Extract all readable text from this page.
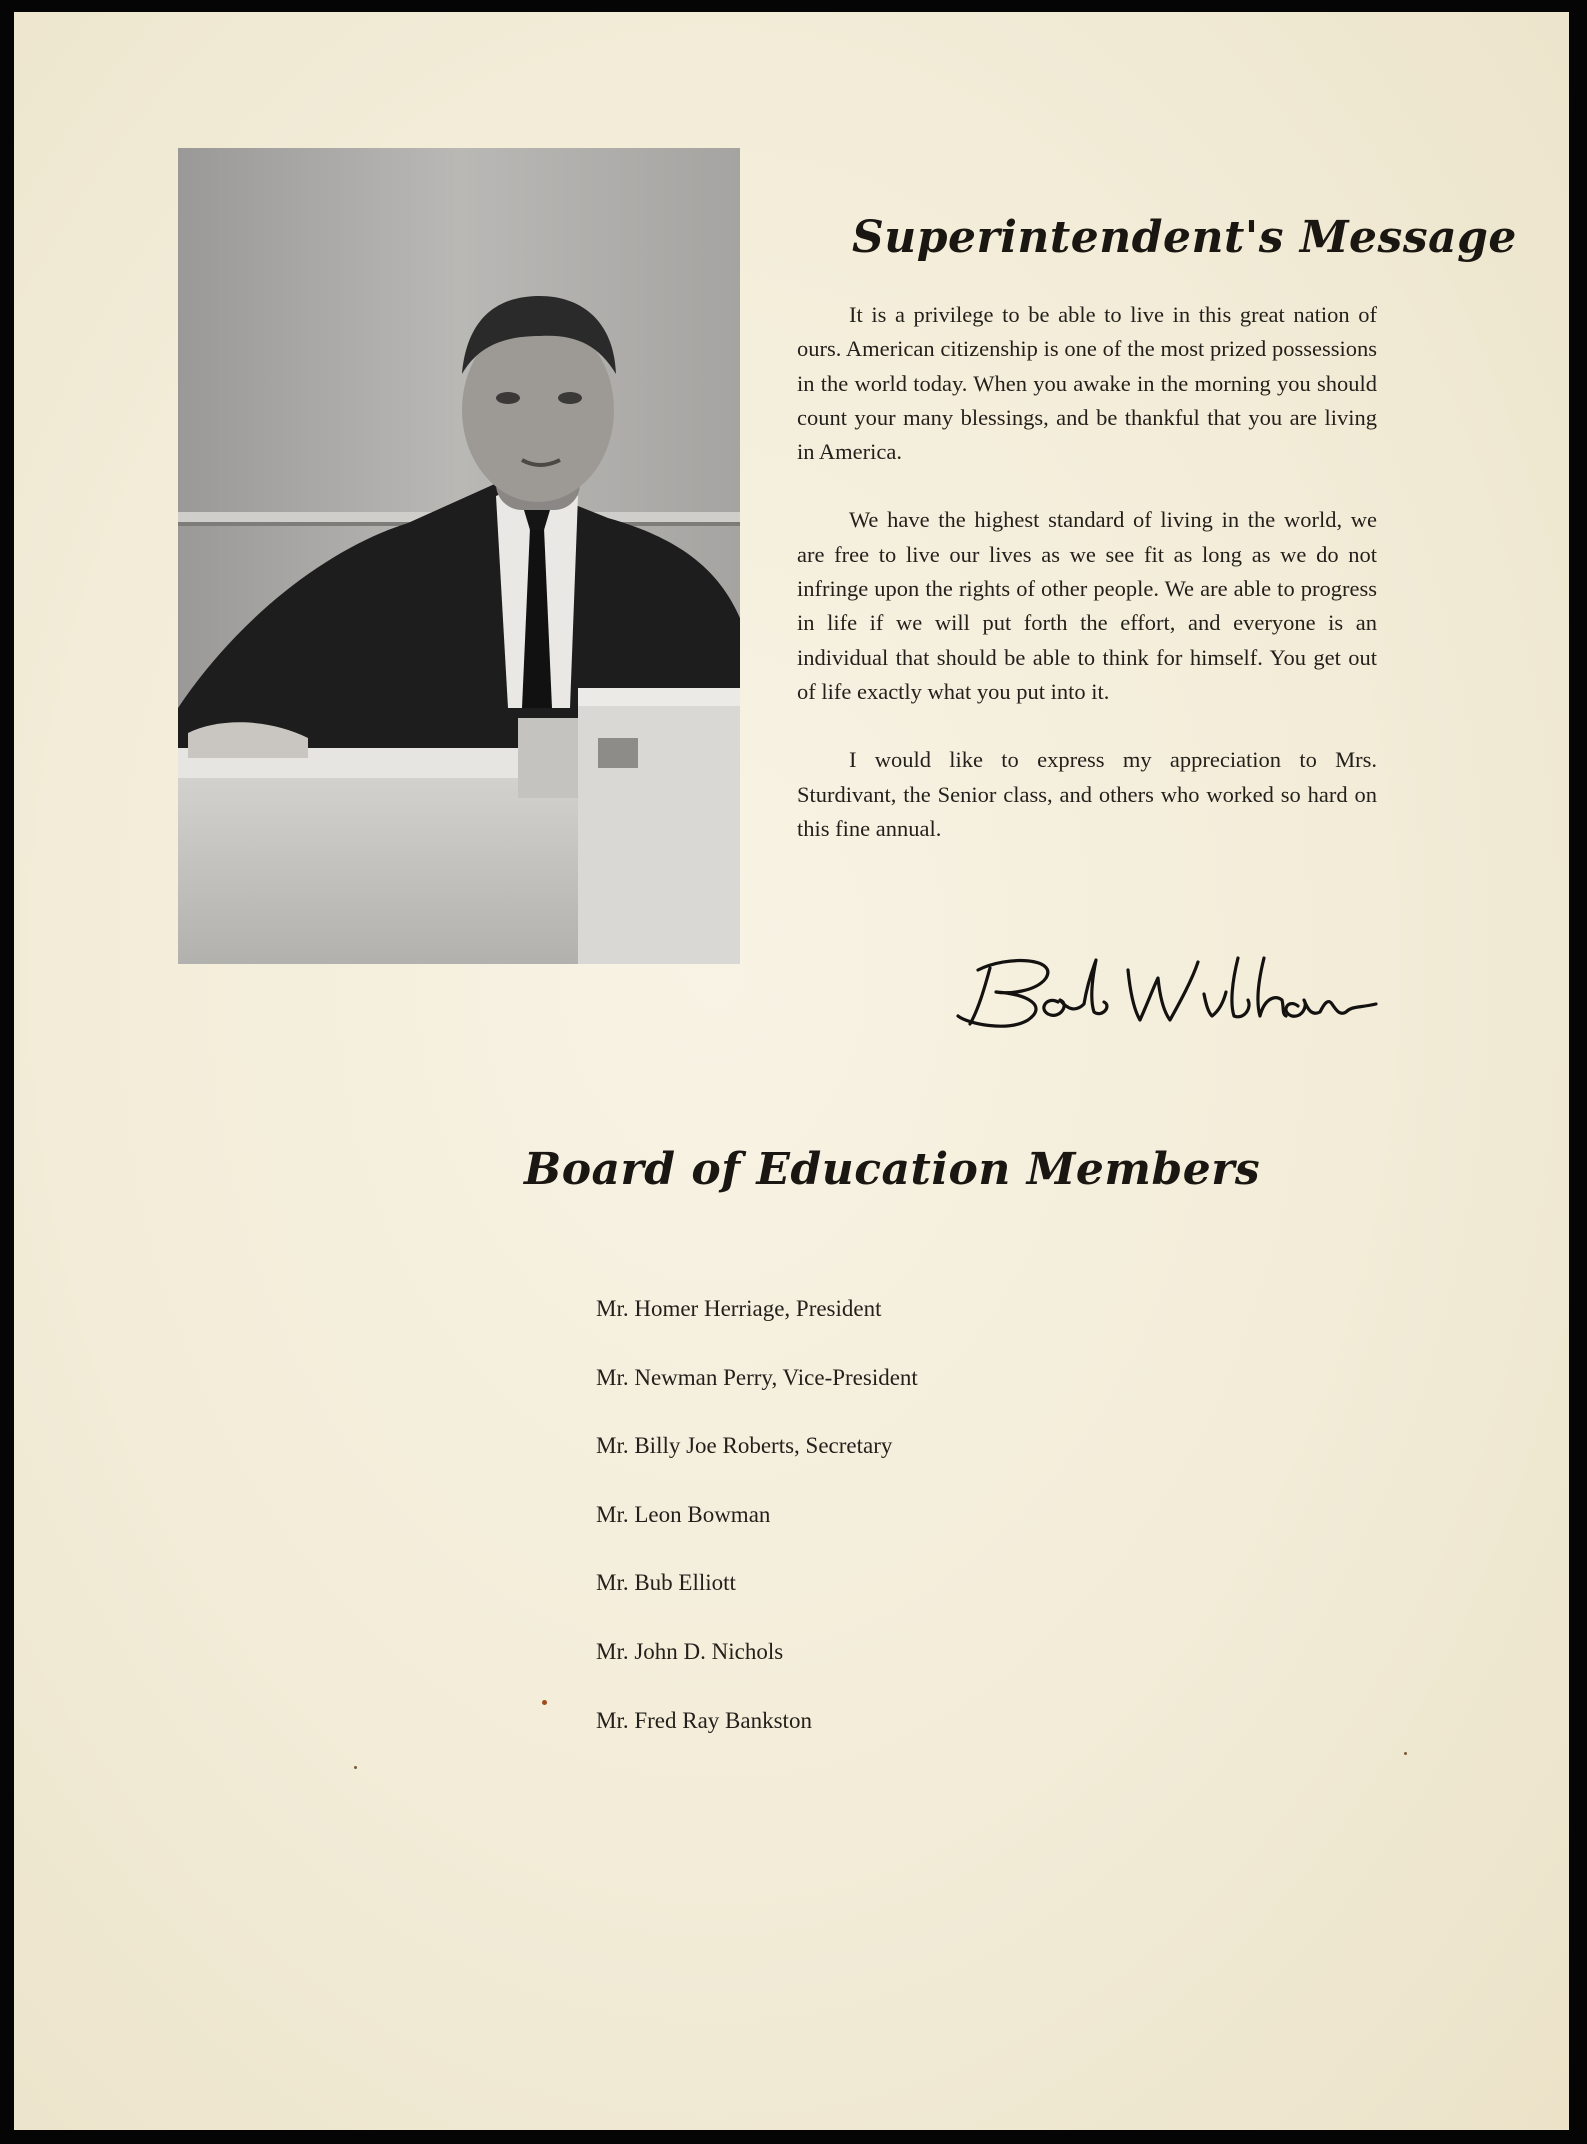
Superintendent's Message

It is a privilege to be able to live in this great nation of ours. American citizenship is one of the most prized possessions in the world today. When you awake in the morning you should count your many blessings, and be thankful that you are living in America.

We have the highest standard of living in the world, we are free to live our lives as we see fit as long as we do not infringe upon the rights of other people. We are able to progress in life if we will put forth the effort, and everyone is an individual that should be able to think for himself. You get out of life exactly what you put into it.

I would like to express my appreciation to Mrs. Sturdivant, the Senior class, and others who worked so hard on this fine annual.

Board of Education Members
Mr. Homer Herriage, President
Mr. Newman Perry, Vice-President
Mr. Billy Joe Roberts, Secretary
Mr. Leon Bowman
Mr. Bub Elliott
Mr. John D. Nichols
Mr. Fred Ray Bankston
